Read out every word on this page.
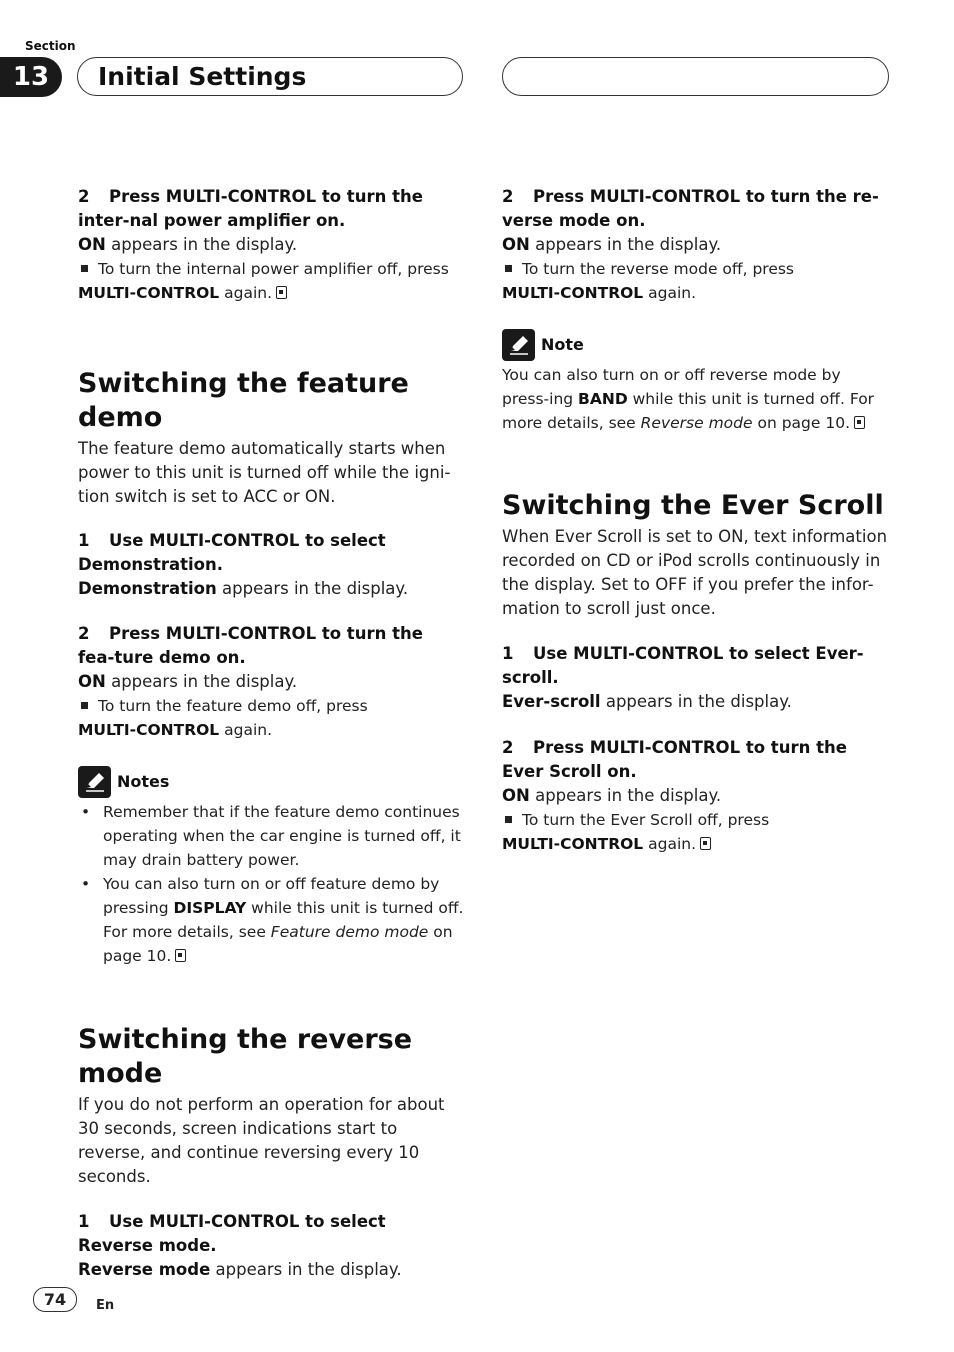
Section
13	Initial Settings
2 Press MULTI-CONTROL to turn the inter-nal power amplifier on.

ON appears in the display.

To turn the internal power amplifier off, press
MULTI-CONTROL again.

Switching the feature demo

The feature demo automatically starts when power to this unit is turned off while the igni-tion switch is set to ACC or ON.

1 Use MULTI-CONTROL to select Demonstration.

Demonstration appears in the display.

2 Press MULTI-CONTROL to turn the fea-ture demo on.

ON appears in the display.

To turn the feature demo off, press
MULTI-CONTROL again.

Notes
• Remember that if the feature demo continues operating when the car engine is turned off, it may drain battery power.
• You can also turn on or off feature demo by pressing DISPLAY while this unit is turned off. For more details, see Feature demo mode on page 10.
Switching the reverse mode

If you do not perform an operation for about 30 seconds, screen indications start to reverse, and continue reversing every 10 seconds.

1 Use MULTI-CONTROL to select Reverse mode.

Reverse mode appears in the display.

2 Press MULTI-CONTROL to turn the re-verse mode on.

ON appears in the display.

To turn the reverse mode off, press
MULTI-CONTROL again.

Note

You can also turn on or off reverse mode by press-ing BAND while this unit is turned off. For more details, see Reverse mode on page 10.

Switching the Ever Scroll

When Ever Scroll is set to ON, text information recorded on CD or iPod scrolls continuously in the display. Set to OFF if you prefer the infor-mation to scroll just once.

1 Use MULTI-CONTROL to select Ever-scroll.

Ever-scroll appears in the display.

2 Press MULTI-CONTROL to turn the Ever Scroll on.

ON appears in the display.

To turn the Ever Scroll off, press
MULTI-CONTROL again.

74	En
